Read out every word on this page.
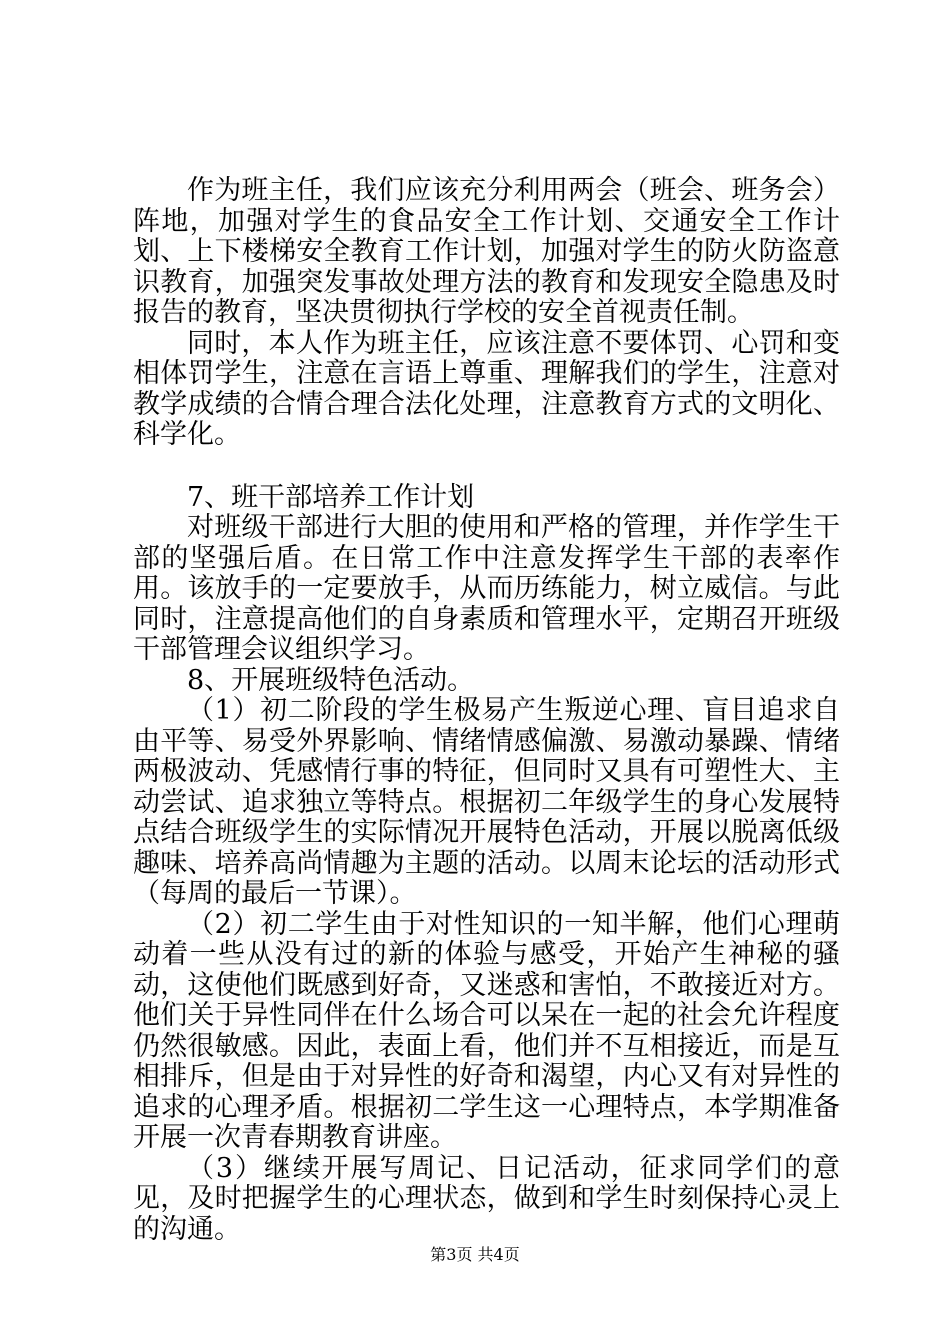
作为班主任，我们应该充分利用两会（班会、班务会）阵地，加强对学生的食品安全工作计划、交通安全工作计划、上下楼梯安全教育工作计划，加强对学生的防火防盗意识教育，加强突发事故处理方法的教育和发现安全隐患及时报告的教育，坚决贯彻执行学校的安全首视责任制。

同时，本人作为班主任，应该注意不要体罚、心罚和变相体罚学生，注意在言语上尊重、理解我们的学生，注意对教学成绩的合情合理合法化处理，注意教育方式的文明化、科学化。

7、班干部培养工作计划

对班级干部进行大胆的使用和严格的管理，并作学生干部的坚强后盾。在日常工作中注意发挥学生干部的表率作用。该放手的一定要放手，从而历练能力，树立威信。与此同时，注意提高他们的自身素质和管理水平，定期召开班级干部管理会议组织学习。

8、开展班级特色活动。

（1）初二阶段的学生极易产生叛逆心理、盲目追求自由平等、易受外界影响、情绪情感偏激、易激动暴躁、情绪两极波动、凭感情行事的特征，但同时又具有可塑性大、主动尝试、追求独立等特点。根据初二年级学生的身心发展特点结合班级学生的实际情况开展特色活动，开展以脱离低级趣味、培养高尚情趣为主题的活动。以周末论坛的活动形式（每周的最后一节课）。

（2）初二学生由于对性知识的一知半解，他们心理萌动着一些从没有过的新的体验与感受，开始产生神秘的骚动，这使他们既感到好奇，又迷惑和害怕，不敢接近对方。他们关于异性同伴在什么场合可以呆在一起的社会允许程度仍然很敏感。因此，表面上看，他们并不互相接近，而是互相排斥，但是由于对异性的好奇和渴望，内心又有对异性的追求的心理矛盾。根据初二学生这一心理特点，本学期准备开展一次青春期教育讲座。

（3）继续开展写周记、日记活动，征求同学们的意见，及时把握学生的心理状态，做到和学生时刻保持心灵上的沟通。

第3页 共4页
